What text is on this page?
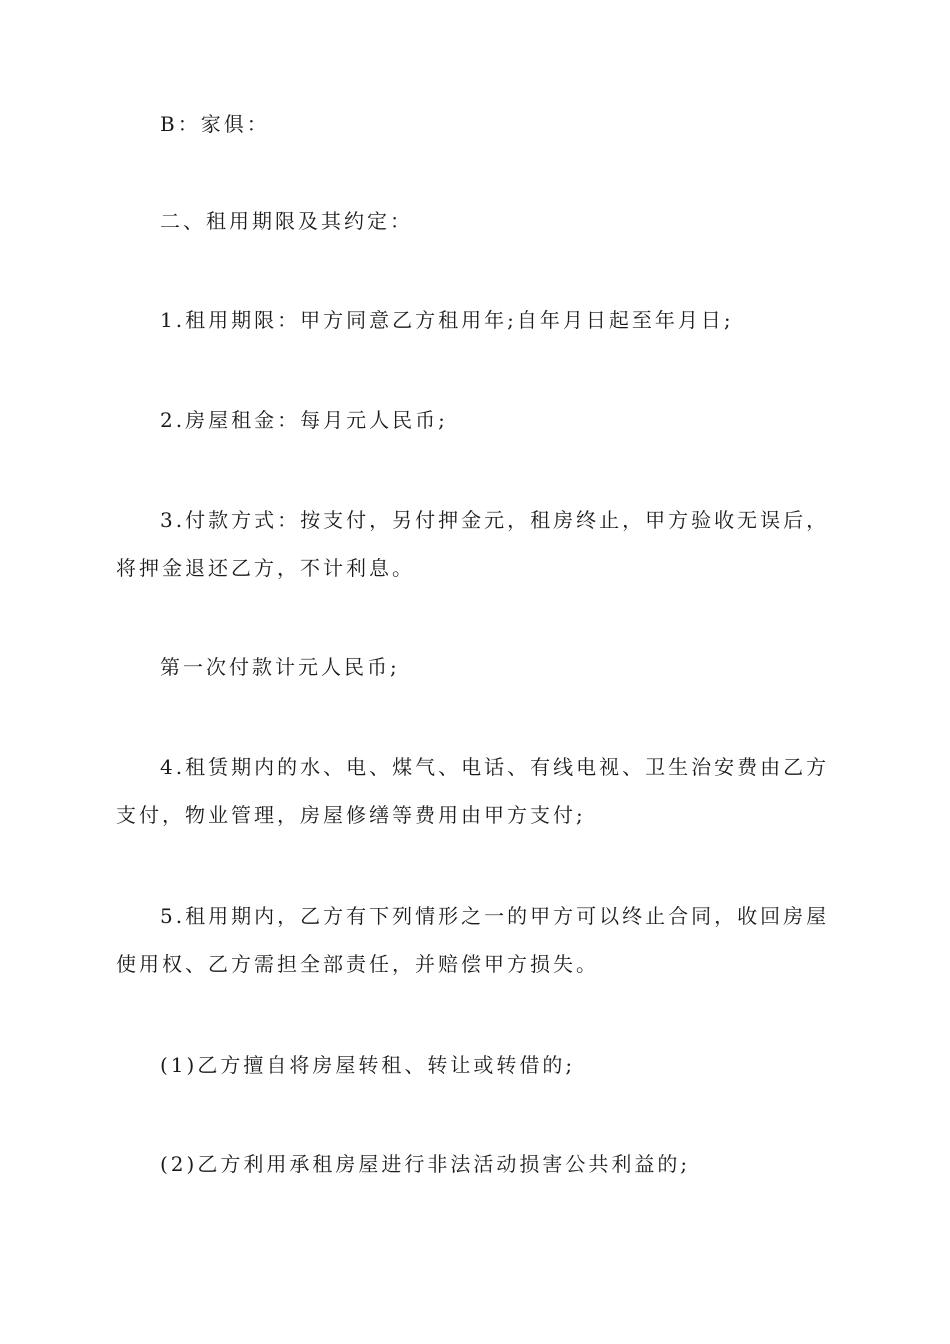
B：家俱：

二、租用期限及其约定：

1.租用期限：甲方同意乙方租用年;自年月日起至年月日;

2.房屋租金：每月元人民币;

3.付款方式：按支付，另付押金元，租房终止，甲方验收无误后，将押金退还乙方，不计利息。

第一次付款计元人民币;

4.租赁期内的水、电、煤气、电话、有线电视、卫生治安费由乙方支付，物业管理，房屋修缮等费用由甲方支付;

5.租用期内，乙方有下列情形之一的甲方可以终止合同，收回房屋使用权、乙方需担全部责任，并赔偿甲方损失。

(1)乙方擅自将房屋转租、转让或转借的;

(2)乙方利用承租房屋进行非法活动损害公共利益的;
